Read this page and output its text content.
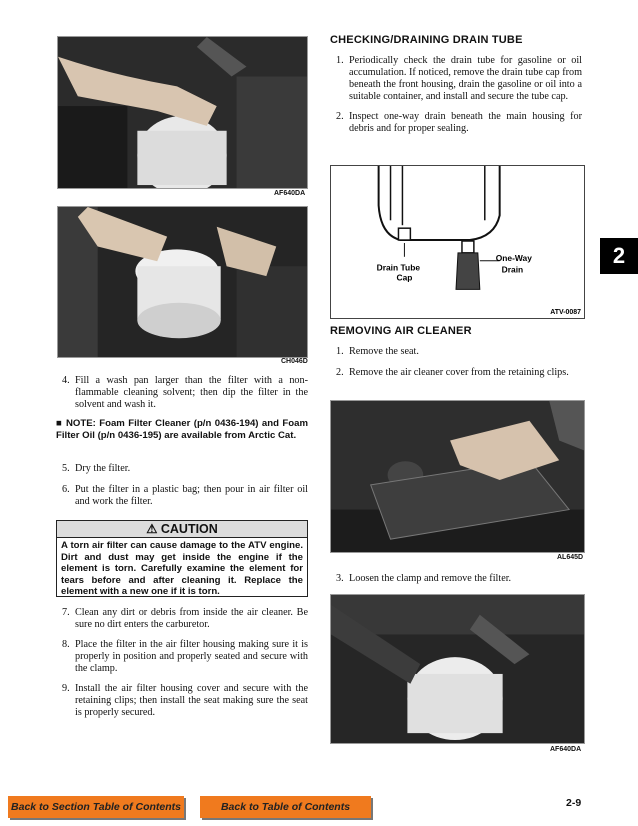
AF640DA
CH046D
4. Fill a wash pan larger than the filter with a non-flammable cleaning solvent; then dip the filter in the solvent and wash it.
■ NOTE: Foam Filter Cleaner (p/n 0436-194) and Foam Filter Oil (p/n 0436-195) are available from Arctic Cat.
5. Dry the filter.
6. Put the filter in a plastic bag; then pour in air filter oil and work the filter.
⚠ CAUTION
A torn air filter can cause damage to the ATV engine. Dirt and dust may get inside the engine if the element is torn. Carefully examine the element for tears before and after cleaning it. Replace the element with a new one if it is torn.
7. Clean any dirt or debris from inside the air cleaner. Be sure no dirt enters the carburetor.
8. Place the filter in the air filter housing making sure it is properly in position and properly seated and secure with the clamp.
9. Install the air filter housing cover and secure with the retaining clips; then install the seat making sure the seat is properly secured.
CHECKING/DRAINING DRAIN TUBE
1. Periodically check the drain tube for gasoline or oil accumulation. If noticed, remove the drain tube cap from beneath the front housing, drain the gasoline or oil into a suitable container, and install and secure the tube cap.
2. Inspect one-way drain beneath the main housing for debris and for proper sealing.
Drain Tube
Cap
One-Way
Drain
ATV-0087
REMOVING AIR CLEANER
1. Remove the seat.
2. Remove the air cleaner cover from the retaining clips.
AL645D
3. Loosen the clamp and remove the filter.
AF640DA
2
Back to Section Table of Contents	Back to Table of Contents	2-9
